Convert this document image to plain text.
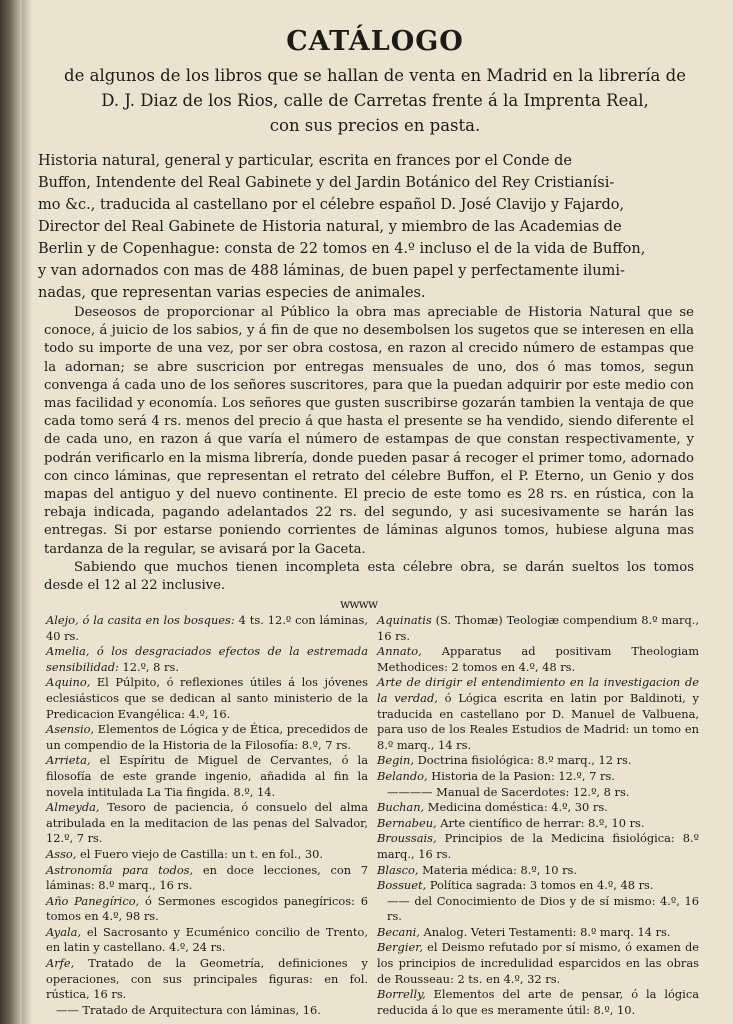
CATÁLOGO
de algunos de los libros que se hallan de venta en Madrid en la librería de
D. J. Diaz de los Rios, calle de Carretas frente á la Imprenta Real,
con sus precios en pasta.
Historia natural, general y particular, escrita en frances por el Conde de
Buffon, Intendente del Real Gabinete y del Jardin Botánico del Rey Cristianísi-
mo &c., traducida al castellano por el célebre español D. José Clavijo y Fajardo,
Director del Real Gabinete de Historia natural, y miembro de las Academias de
Berlin y de Copenhague: consta de 22 tomos en 4.º incluso el de la vida de Buffon,
y van adornados con mas de 488 láminas, de buen papel y perfectamente ilumi-
nadas, que representan varias especies de animales.

Deseosos de proporcionar al Público la obra mas apreciable de Historia Natural que se conoce, á juicio de los sabios, y á fin de que no desembolsen los sugetos que se interesen en ella todo su importe de una vez, por ser obra costosa, en razon al crecido número de estampas que la adornan; se abre suscricion por entregas mensuales de uno, dos ó mas tomos, segun convenga á cada uno de los señores suscritores, para que la puedan adquirir por este medio con mas facilidad y economía. Los señores que gusten suscribirse gozarán tambien la ventaja de que cada tomo será 4 rs. menos del precio á que hasta el presente se ha vendido, siendo diferente el de cada uno, en razon á que varía el número de estampas de que constan respectivamente, y podrán verificarlo en la misma librería, donde pueden pasar á recoger el primer tomo, adornado con cinco láminas, que representan el retrato del célebre Buffon, el P. Eterno, un Genio y dos mapas del antiguo y del nuevo continente. El precio de este tomo es 28 rs. en rústica, con la rebaja indicada, pagando adelantados 22 rs. del segundo, y asi sucesivamente se harán las entregas. Si por estarse poniendo corrientes de láminas algunos tomos, hubiese alguna mas tardanza de la regular, se avisará por la Gaceta.

Sabiendo que muchos tienen incompleta esta célebre obra, se darán sueltos los tomos desde el 12 al 22 inclusive.

wwww
Alejo, ó la casita en los bosques: 4 ts. 12.º con láminas, 40 rs.
Amelia, ó los desgraciados efectos de la estremada sensibilidad: 12.º, 8 rs.
Aquino, El Púlpito, ó reflexiones útiles á los jóvenes eclesiásticos que se dedican al santo ministerio de la Predicacion Evangélica: 4.º, 16.
Asensio, Elementos de Lógica y de Ética, precedidos de un compendio de la Historia de la Filosofía: 8.º, 7 rs.
Arrieta, el Espíritu de Miguel de Cervantes, ó la filosofía de este grande ingenio, añadida al fin la novela intitulada La Tia fingida. 8.º, 14.
Almeyda, Tesoro de paciencia, ó consuelo del alma atribulada en la meditacion de las penas del Salvador, 12.º, 7 rs.
Asso, el Fuero viejo de Castilla: un t. en fol., 30.
Astronomía para todos, en doce lecciones, con 7 láminas: 8.º marq., 16 rs.
Año Panegírico, ó Sermones escogidos panegíricos: 6 tomos en 4.º, 98 rs.
Ayala, el Sacrosanto y Ecuménico concilio de Trento, en latin y castellano. 4.º, 24 rs.
Arfe, Tratado de la Geometría, definiciones y operaciones, con sus principales figuras: en fol. rústica, 16 rs.
—— Tratado de Arquitectura con láminas, 16.
Aquinatis (S. Thomæ) Teologiæ compendium 8.º marq., 16 rs.
Annato, Apparatus ad positivam Theologiam Methodices: 2 tomos en 4.º, 48 rs.
Arte de dirigir el entendimiento en la investigacion de la verdad, ó Lógica escrita en latin por Baldinoti, y traducida en castellano por D. Manuel de Valbuena, para uso de los Reales Estudios de Madrid: un tomo en 8.º marq., 14 rs.
Begin, Doctrina fisiológica: 8.º marq., 12 rs.
Belando, Historia de la Pasion: 12.º, 7 rs.
———— Manual de Sacerdotes: 12.º, 8 rs.
Buchan, Medicina doméstica: 4.º, 30 rs.
Bernabeu, Arte científico de herrar: 8.º, 10 rs.
Broussais, Principios de la Medicina fisiológica: 8.º marq., 16 rs.
Blasco, Materia médica: 8.º, 10 rs.
Bossuet, Política sagrada: 3 tomos en 4.º, 48 rs.
—— del Conocimiento de Dios y de sí mismo: 4.º, 16 rs.
Becani, Analog. Veteri Testamenti: 8.º marq. 14 rs.
Bergier, el Deismo refutado por sí mismo, ó examen de los principios de incredulidad esparcidos en las obras de Rousseau: 2 ts. en 4.º, 32 rs.
Borrelly, Elementos del arte de pensar, ó la lógica reducida á lo que es meramente útil: 8.º, 10.
